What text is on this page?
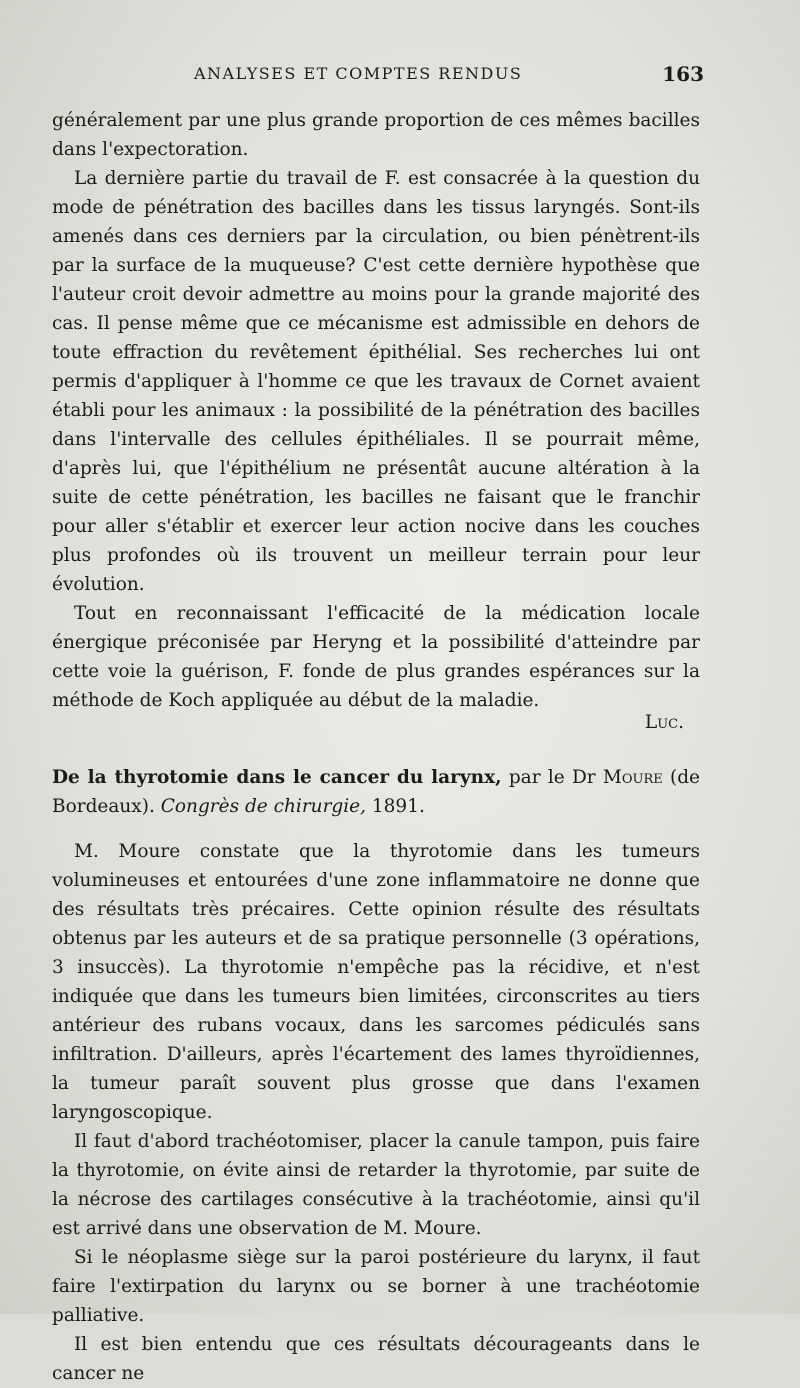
ANALYSES ET COMPTES RENDUS	163

généralement par une plus grande proportion de ces mêmes bacilles dans l'expectoration.

La dernière partie du travail de F. est consacrée à la question du mode de pénétration des bacilles dans les tissus laryngés. Sont-ils amenés dans ces derniers par la circulation, ou bien pénètrent-ils par la surface de la muqueuse? C'est cette dernière hypothèse que l'auteur croit devoir admettre au moins pour la grande majorité des cas. Il pense même que ce mécanisme est admissible en dehors de toute effraction du revêtement épithélial. Ses recherches lui ont permis d'appliquer à l'homme ce que les travaux de Cornet avaient établi pour les animaux : la possibilité de la pénétration des bacilles dans l'intervalle des cellules épithéliales. Il se pourrait même, d'après lui, que l'épithélium ne présentât aucune altération à la suite de cette pénétration, les bacilles ne faisant que le franchir pour aller s'établir et exercer leur action nocive dans les couches plus profondes où ils trouvent un meilleur terrain pour leur évolution.

Tout en reconnaissant l'efficacité de la médication locale énergique préconisée par Heryng et la possibilité d'atteindre par cette voie la guérison, F. fonde de plus grandes espérances sur la méthode de Koch appliquée au début de la maladie.

Luc.

De la thyrotomie dans le cancer du larynx, par le Dr Moure (de Bordeaux). Congrès de chirurgie, 1891.

M. Moure constate que la thyrotomie dans les tumeurs volumineuses et entourées d'une zone inflammatoire ne donne que des résultats très précaires. Cette opinion résulte des résultats obtenus par les auteurs et de sa pratique personnelle (3 opérations, 3 insuccès). La thyrotomie n'empêche pas la récidive, et n'est indiquée que dans les tumeurs bien limitées, circonscrites au tiers antérieur des rubans vocaux, dans les sarcomes pédiculés sans infiltration. D'ailleurs, après l'écartement des lames thyroïdiennes, la tumeur paraît souvent plus grosse que dans l'examen laryngoscopique.

Il faut d'abord trachéotomiser, placer la canule tampon, puis faire la thyrotomie, on évite ainsi de retarder la thyrotomie, par suite de la nécrose des cartilages consécutive à la trachéotomie, ainsi qu'il est arrivé dans une observation de M. Moure.

Si le néoplasme siège sur la paroi postérieure du larynx, il faut faire l'extirpation du larynx ou se borner à une trachéotomie palliative.

Il est bien entendu que ces résultats décourageants dans le cancer ne
